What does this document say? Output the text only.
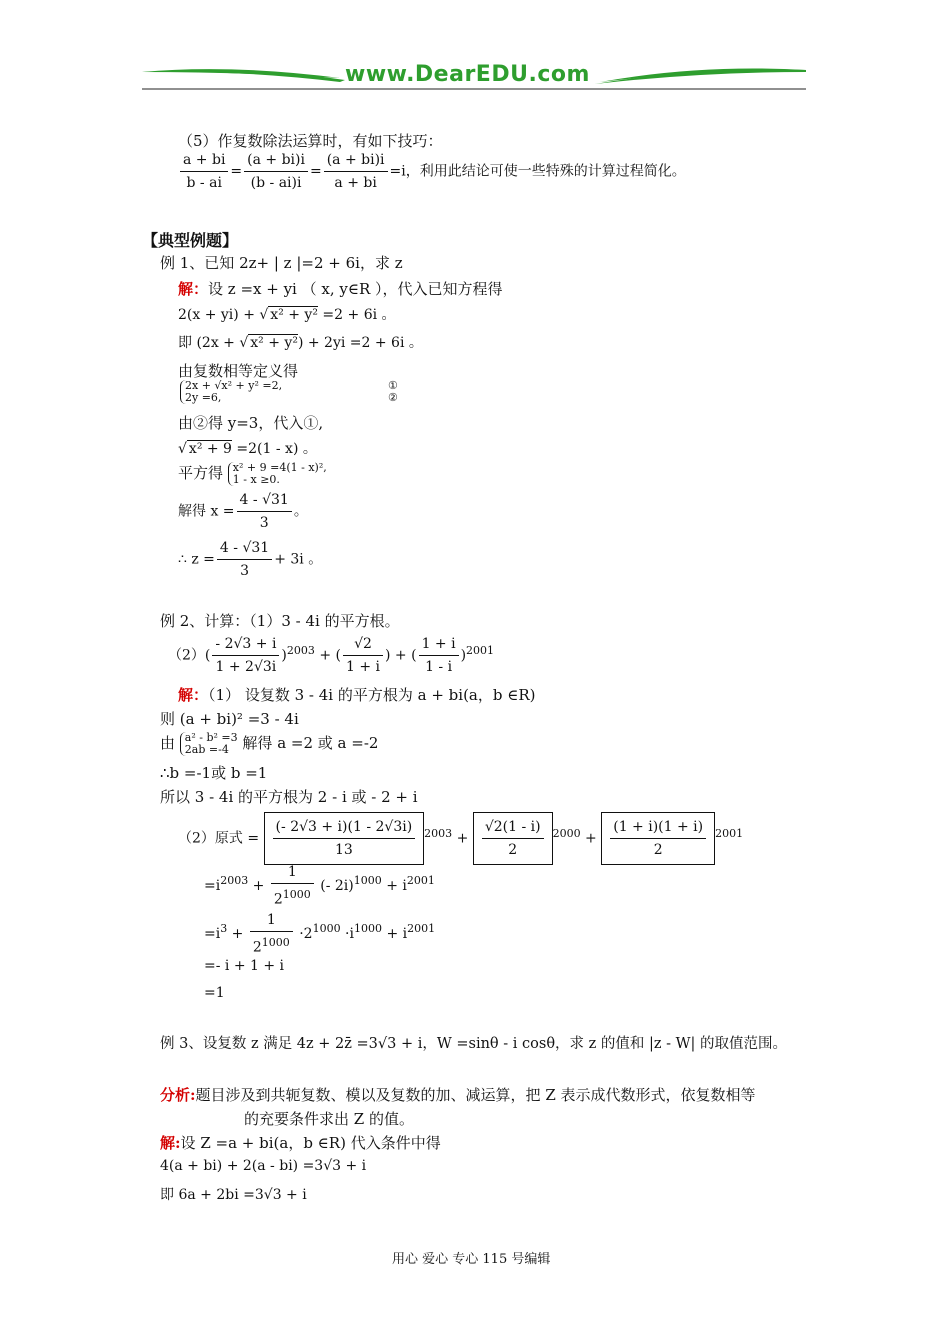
www.DearEDU.com
（5）作复数除法运算时，有如下技巧：
$\frac{a + bi}{b - ai} = \frac{(a + bi)i}{(b - ai)i} = \frac{(a + bi)i}{a + bi} =i$，利用此结论可使一些特殊的计算过程简化。
【典型例题】
例 1、已知 2z+ | z |=2 + 6i，求 z
解：设 z =x + yi （ x, y∈R ），代入已知方程得
2(x + yi) + √ x² + y² =2 + 6i 。
即 (2x + √ x² + y²) + 2yi =2 + 6i 。
由复数相等定义得
2x + √x² + y² =2,	①

2y =6,	②
由②得 y=3，代入①,
√ x² + 9 =2(1 - x) 。
平方得 x² + 9 =4(1 - x)²,
1 - x ≥0.
解得 $x = \frac{4 - √31}{3}$ 。
∴ $z = \frac{4 - √31}{3} + 3i$ 。
例 2、计算：（1）3 - 4i 的平方根。
$(2)( \frac{- 2√3 + i}{1 + 2√3i} )^{2003}$ + ( $\frac{√2}{1 + i}$ ) + ( $\frac{1 + i}{1 - i} )^{2001}$
解：（1） 设复数 3 - 4i 的平方根为 a + bi(a，b ∈R)
则 (a + bi)² =3 - 4i
由 a² - b² =3
2ab =-4 解得 a =2 或 a =-2
∴b =-1或 b =1
所以 3 - 4i 的平方根为 2 - i 或 - 2 + i
（2）原式 = $\frac{(- 2√3 + i)(1 - 2√3i)}{13} ^{2003} + \frac{√2(1 - i)}{2} ^{2000} + \frac{(1 + i)(1 + i)}{2} ^{2001}$
$=i^{2003} + \frac{1}{2^{1000}}$ (- $2i)^{1000} + i^{2001}$
$=i^3 + \frac{1}{2^{1000}} \cdot 2^{1000} \cdot i^{1000} + i^{2001}$
=- i + 1 + i
=1
例 3、设复数 z 满足 4z + 2z̄ =3√3 + i，W =sinθ - i cosθ，求 z 的值和 |z - W| 的取值范围。
分析:题目涉及到共轭复数、模以及复数的加、减运算，把 Z 表示成代数形式，依复数相等
的充要条件求出 Z 的值。
解:设 Z =a + bi(a，b ∈R) 代入条件中得
4(a + bi) + 2(a - bi) =3√3 + i
即 6a + 2bi =3√3 + i
用心 爱心 专心 115 号编辑
